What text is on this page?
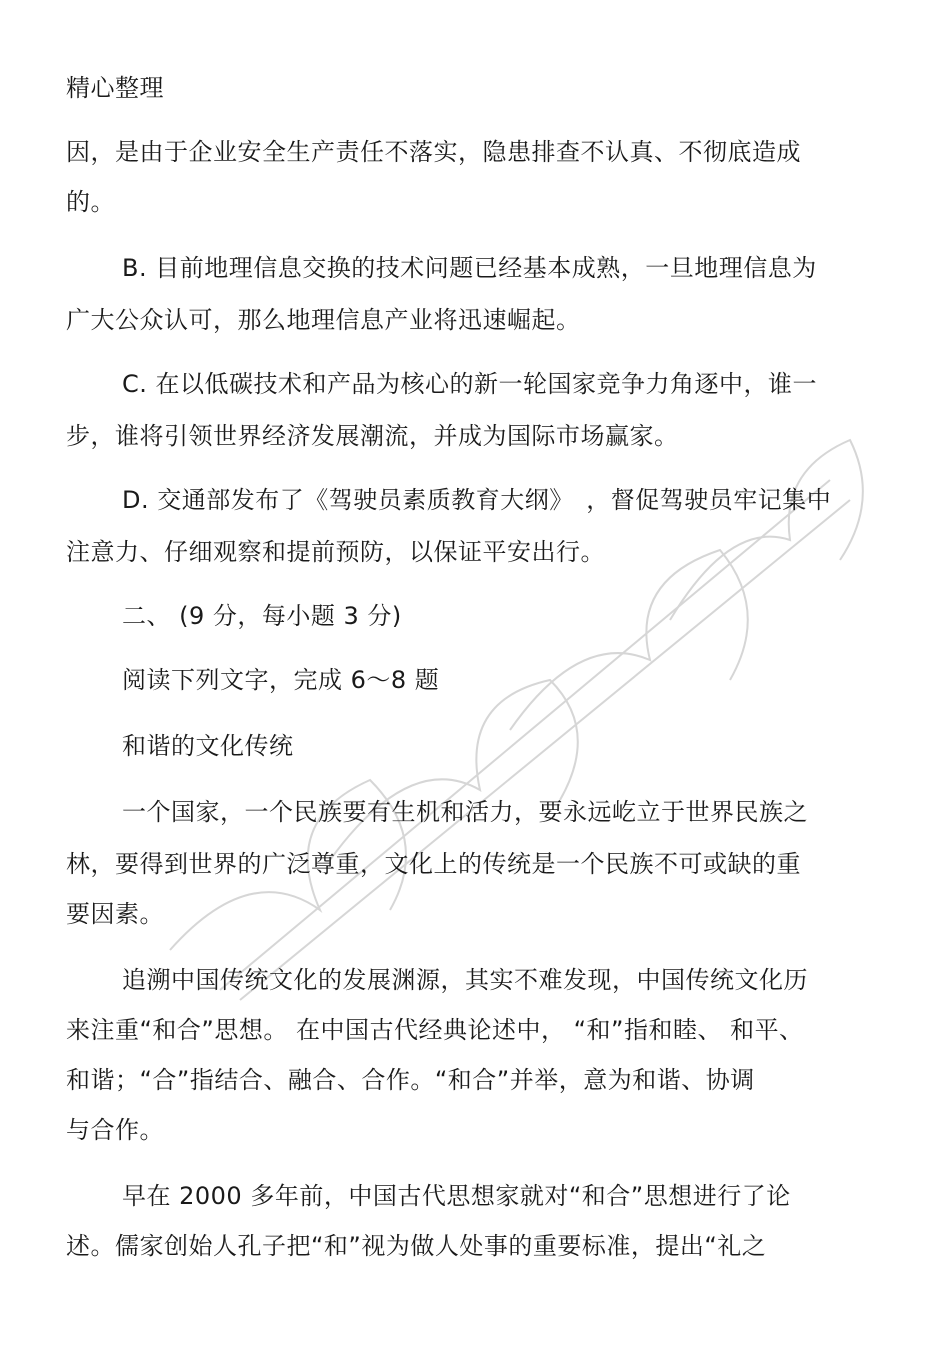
精心整理
因，是由于企业安全生产责任不落实，隐患排查不认真、不彻底造成
的。
B. 目前地理信息交换的技术问题已经基本成熟，一旦地理信息为
广大公众认可，那么地理信息产业将迅速崛起。
C. 在以低碳技术和产品为核心的新一轮国家竞争力角逐中，谁一
步，谁将引领世界经济发展潮流，并成为国际市场赢家。
D. 交通部发布了《驾驶员素质教育大纲》　，督促驾驶员牢记集中
注意力、仔细观察和提前预防，以保证平安出行。
二、 (9 分，每小题 3 分)
阅读下列文字，完成 6～8 题
和谐的文化传统
一个国家，一个民族要有生机和活力，要永远屹立于世界民族之
林，要得到世界的广泛尊重，文化上的传统是一个民族不可或缺的重
要因素。
追溯中国传统文化的发展渊源，其实不难发现，中国传统文化历
来注重“和合”思想。 在中国古代经典论述中， “和”指和睦、 和平、
和谐；“合”指结合、融合、合作。“和合”并举，意为和谐、协调
与合作。
早在 2000 多年前，中国古代思想家就对“和合”思想进行了论
述。儒家创始人孔子把“和”视为做人处事的重要标准，提出“礼之
